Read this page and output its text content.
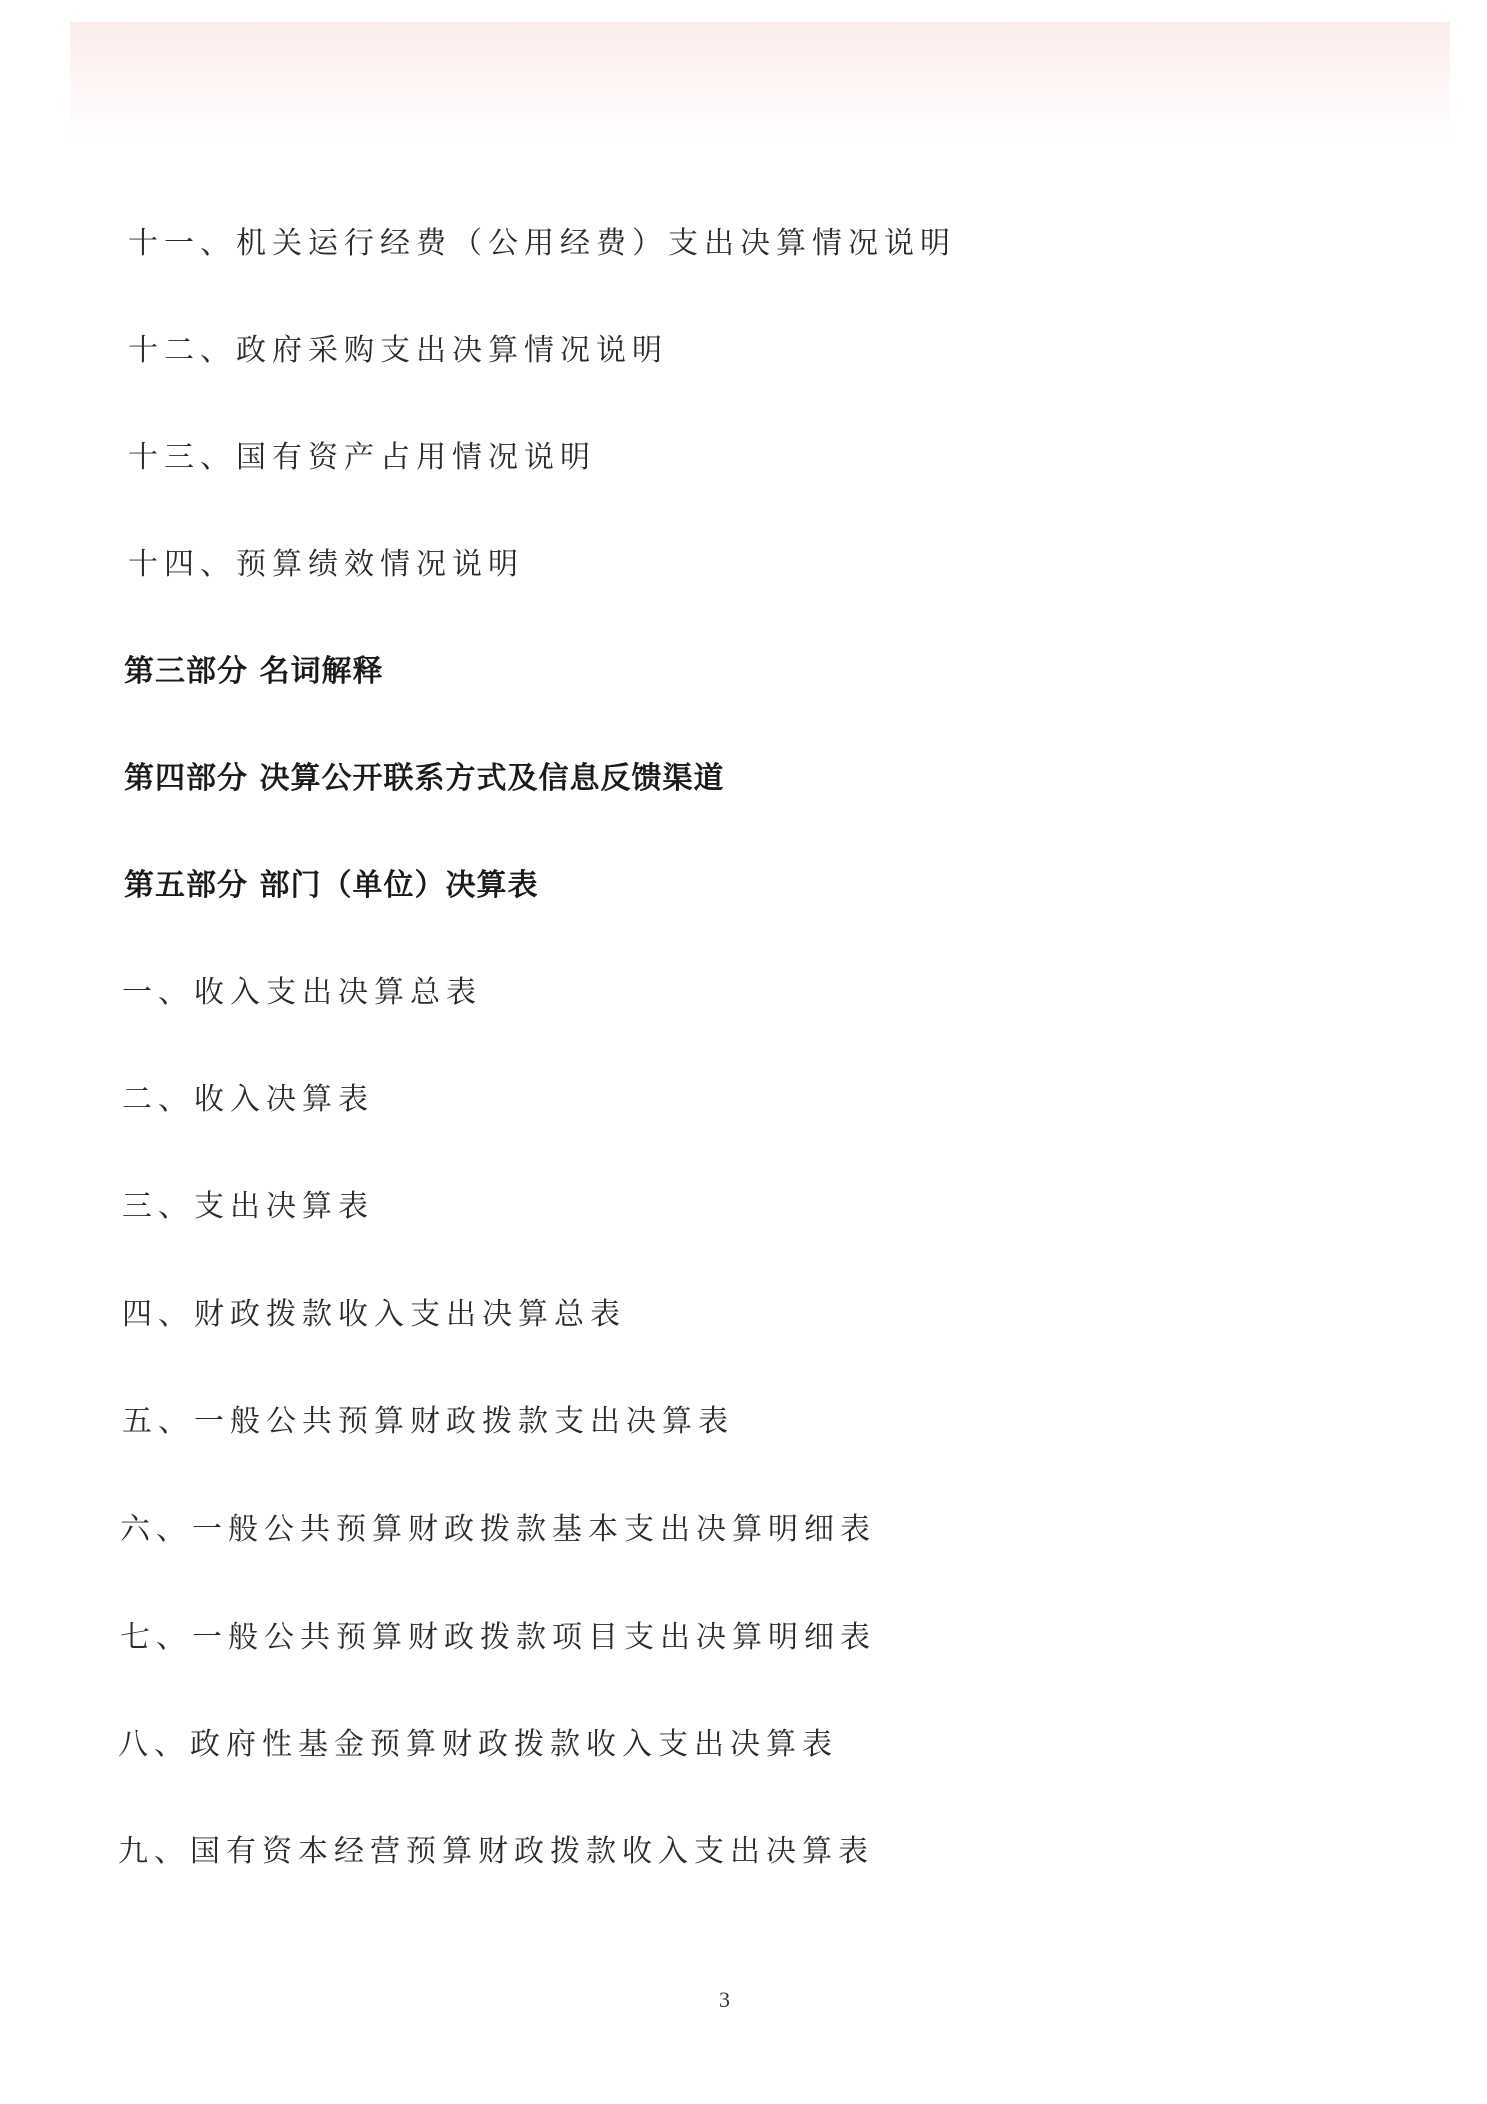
十一、机关运行经费（公用经费）支出决算情况说明

十二、政府采购支出决算情况说明

十三、国有资产占用情况说明

十四、预算绩效情况说明

第三部分 名词解释

第四部分 决算公开联系方式及信息反馈渠道

第五部分 部门（单位）决算表

一、收入支出决算总表

二、收入决算表

三、支出决算表

四、财政拨款收入支出决算总表

五、一般公共预算财政拨款支出决算表

六、一般公共预算财政拨款基本支出决算明细表

七、一般公共预算财政拨款项目支出决算明细表

八、政府性基金预算财政拨款收入支出决算表

九、国有资本经营预算财政拨款收入支出决算表

3
